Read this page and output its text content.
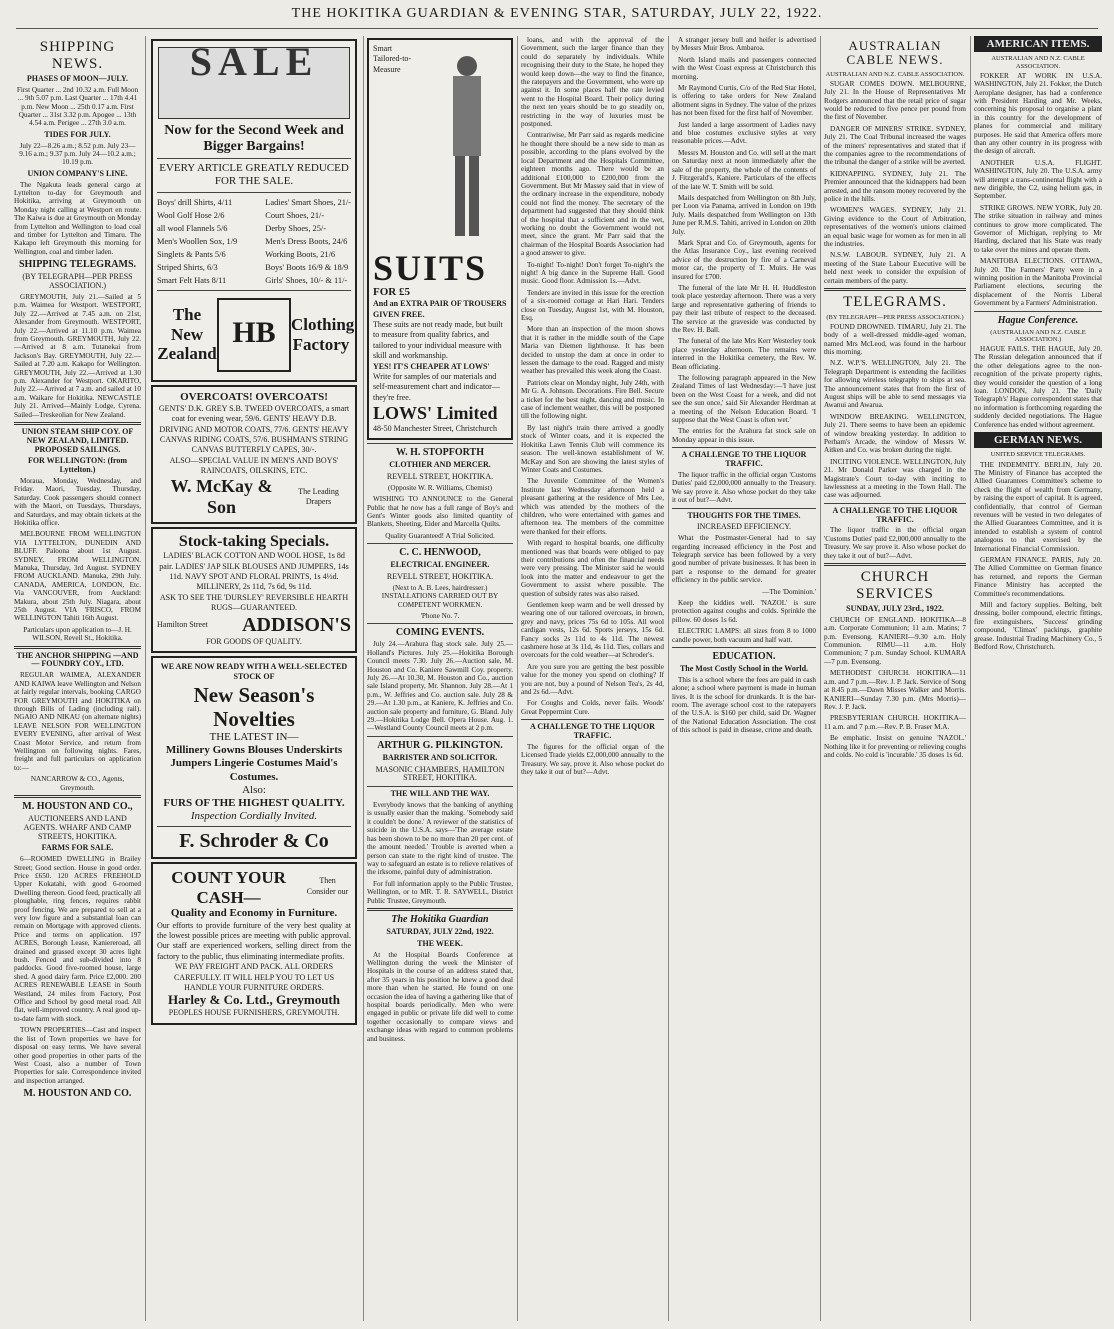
THE HOKITIKA GUARDIAN & EVENING STAR, SATURDAY, JULY 22, 1922.
SHIPPING NEWS.
PHASES OF MOON—JULY.

First Quarter ... 2nd 10.32 a.m. Full Moon ... 9th 5.07 p.m. Last Quarter ... 17th 4.41 p.m. New Moon ... 25th 0.17 a.m. First Quarter ... 31st 3.32 p.m. Apogee ... 13th 4.54 a.m. Perigee ... 27th 3.0 a.m.

TIDES FOR JULY.

July 22—8.26 a.m.; 8.52 p.m. July 23—9.16 a.m.; 9.37 p.m. July 24—10.2 a.m.; 10.19 p.m.

UNION COMPANY'S LINE.

The Ngakuta leads general cargo at Lyttelton to-day for Greymouth and Hokitika, arriving at Greymouth on Monday night calling at Westport en route. The Kaiwa is due at Greymouth on Monday from Lyttelton and Wellington to load coal and timber for Lyttelton and Timaru. The Kakapo left Greymouth this morning for Wellington, coal and timber laden.

SHIPPING TELEGRAMS.
(BY TELEGRAPH—PER PRESS ASSOCIATION.)

GREYMOUTH, July 21.—Sailed at 5 p.m. Waimea for Westport. WESTPORT, July 22.—Arrived at 7.45 a.m. on 21st, Alexander from Greymouth. WESTPORT, July 22.—Arrived at 11.10 p.m. Waimea from Greymouth. GREYMOUTH, July 22.—Arrived at 8 a.m. Tutanekai from Jackson's Bay. GREYMOUTH, July 22.—Sailed at 7.20 a.m. Kakapo for Wellington. GREYMOUTH, July 22.—Arrived at 1.30 p.m. Alexander for Westport. OKARITO, July 22.—Arrived at 7 a.m. and sailed at 10 a.m. Waikare for Hokitika. NEWCASTLE July 21. Arrived—Mainly Lodge, Cyrena. Sailed—Treskeolian for New Zealand.

UNION STEAM SHIP COY. OF NEW ZEALAND, LIMITED. PROPOSED SAILINGS.
FOR WELLINGTON: (from Lyttelton.)

Moraua, Monday, Wednesday, and Friday. Maori, Tuesday, Thursday, Saturday. Cook passengers should connect with the Maori, on Tuesdays, Thursdays, and Saturdays, and may obtain tickets at the Hokitika office.

MELBOURNE FROM WELLINGTON VIA LYTTELTON, DUNEDIN AND BLUFF. Paloona about 1st August. SYDNEY, FROM WELLINGTON. Manuka, Thursday, 3rd August. SYDNEY FROM AUCKLAND. Manuka, 29th July. CANADA, AMERICA, LONDON, Etc. Via VANCOUVER, from Auckland: Makura, about 25th July. Niagara, about 25th August. VIA 'FRISCO, FROM WELLINGTON Tahiti 16th August.

Particulars upon application to—J. H. WILSON, Revell St., Hokitika.

THE ANCHOR SHIPPING —AND— FOUNDRY COY., LTD.

REGULAR WAIMEA, ALEXANDER AND KAIWA leave Wellington and Nelson at fairly regular intervals, booking CARGO FOR GREYMOUTH and HOKITIKA on through Bills of Lading (including rail). NGAIO AND NIKAU (on alternate nights) LEAVE NELSON FOR WELLINGTON EVERY EVENING, after arrival of West Coast Motor Service, and return from Wellington on following nights. Fares, freight and full particulars on application to:—

NANCARROW & CO., Agents, Greymouth.

M. HOUSTON AND CO.,
AUCTIONEERS AND LAND AGENTS. WHARF AND CAMP STREETS, HOKITIKA.
FARMS FOR SALE.

6—ROOMED DWELLING in Brailey Street; Good section. House in good order. Price £650. 120 ACRES FREEHOLD Upper Kokatahi, with good 6-roomed Dwelling thereon. Good feed, practically all ploughable, ring fences, requires rabbit proof fencing. We are prepared to sell at a very low figure and a substantial loan can remain on Mortgage with approved clients. Price and terms on application. 197 ACRES, Borough Lease, Kaniereroad, all drained and grassed except 30 acres light bush. Fenced and sub-divided into 8 paddocks. Good five-roomed house, large shed. A good dairy farm. Price £2,000. 200 ACRES RENEWABLE LEASE in South Westland, 24 miles from Factory, Post Office and School by good metal road. All flat, well-improved country. A real good up-to-date farm with stock.

TOWN PROPERTIES—Cast and inspect the list of Town properties we have for disposal on easy terms. We have several other good properties in other parts of the West Coast, also a number of Town Properties for sale. Correspondence invited and inspection arranged.

M. HOUSTON AND CO.
SALE
Now for the Second Week and Bigger Bargains!
EVERY ARTICLE GREATLY REDUCED FOR THE SALE.
Boys' drill Shirts, 4/11
Wool Golf Hose 2/6
all wool Flannels 5/6
Men's Woollen Sox, 1/9
Singlets & Pants 5/6
Striped Shirts, 6/3
Smart Felt Hats 8/11
Ladies' Smart Shoes, 21/-
Court Shoes, 21/-
Derby Shoes, 25/-
Men's Dress Boots, 24/6
Working Boots, 21/6
Boys' Boots 16/9 & 18/9
Girls' Shoes, 10/- & 11/-
The New Zealand
HB Clothing Factory
OVERCOATS! OVERCOATS!
GENTS' D.K. GREY S.B. TWEED OVERCOATS, a smart coat for evening wear, 59/6. GENTS' HEAVY D.B. DRIVING AND MOTOR COATS, 77/6. GENTS' HEAVY CANVAS RIDING COATS, 57/6. BUSHMAN'S STRING CANVAS BUTTERFLY CAPES, 30/-.
ALSO—SPECIAL VALUE IN MEN'S AND BOYS' RAINCOATS, OILSKINS, ETC.
W. McKay & Son
The Leading Drapers
Stock-taking Specials.
LADIES' BLACK COTTON AND WOOL HOSE, 1s 8d pair. LADIES' JAP SILK BLOUSES AND JUMPERS, 14s 11d. NAVY SPOT AND FLORAL PRINTS, 1s 4½d. MILLINERY, 2s 11d, 7s 6d, 9s 11d.
ASK TO SEE THE 'DURSLEY' REVERSIBLE HEARTH RUGS—GUARANTEED.
Hamilton Street ADDISON'S
FOR GOODS OF QUALITY.
WE ARE NOW READY WITH A WELL-SELECTED STOCK OF
New Season's Novelties
THE LATEST IN—
Millinery Gowns Blouses Underskirts Jumpers Lingerie Costumes Maid's Costumes.
Also:
FURS OF THE HIGHEST QUALITY.
Inspection Cordially Invited.
F. Schroder & Co
COUNT YOUR CASH—
Then Consider our
Quality and Economy in Furniture.
Our efforts to provide furniture of the very best quality at the lowest possible prices are meeting with public approval. Our staff are experienced workers, selling direct from the factory to the public, thus eliminating intermediate profits.
WE PAY FREIGHT AND PACK. ALL ORDERS CAREFULLY. IT WILL HELP YOU TO LET US HANDLE YOUR FURNITURE ORDERS.
Harley & Co. Ltd., Greymouth
PEOPLES HOUSE FURNISHERS, GREYMOUTH.
Smart Tailored-to-Measure
SUITS
FOR £5
And an EXTRA PAIR OF TROUSERS GIVEN FREE.
These suits are not ready made, but built to measure from quality fabrics, and tailored to your individual measure with skill and workmanship.
YES! IT'S CHEAPER AT LOWS'
Write for samples of our materials and self-measurement chart and indicator—they're free.
LOWS' Limited
48-50 Manchester Street, Christchurch
W. H. STOPFORTH
CLOTHIER AND MERCER.
REVELL STREET, HOKITIKA.

(Opposite W. R. Williams, Chemist)

WISHING TO ANNOUNCE to the General Public that he now has a full range of Boy's and Gent's Winter goods also limited quantity of Blankets, Sheeting, Eider and Marcella Quilts.

Quality Guaranteed! A Trial Solicited.

C. C. HENWOOD,
ELECTRICAL ENGINEER.
REVELL STREET, HOKITIKA.

(Next to A. B. Lees, hairdresser.) INSTALLATIONS CARRIED OUT BY COMPETENT WORKMEN.

'Phone No. 7.

COMING EVENTS.

July 24.—Arahura flag stock sale. July 25.—Holland's Pictures. July 25.—Hokitika Borough Council meets 7.30. July 26.—Auction sale, M. Houston and Co. Kaniere Sawmill Coy. property. July 26.—At 10.30, M. Houston and Co., auction sale Island property, Mr. Shannon. July 28.—At 1 p.m., W. Jeffries and Co. auction sale. July 28 & 29.—At 1.30 p.m., at Kaniere, K. Jeffries and Co. auction sale property and furniture, G. Bland. July 29.—Hokitika Lodge Bell. Opera House. Aug. 1.—Westland County Council meets at 2 p.m.

ARTHUR G. PILKINGTON.
BARRISTER AND SOLICITOR.
MASONIC CHAMBERS, HAMILTON STREET, HOKITIKA.
THE WILL AND THE WAY.

Everybody knows that the banking of anything is usually easier than the making. 'Somebody said it couldn't be done.' A reviewer of the statistics of suicide in the U.S.A. says—'The average estate has been shown to be no more than 20 per cent. of the amount needed.' Trouble is averted when a person can state to the right kind of trustee. The way to safeguard an estate is to relieve relatives of the irksome, painful duty of administration.

For full information apply to the Public Trustee, Wellington, or to MR. T. R. SAYWELL, District Public Trustee, Greymouth.

The Hokitika Guardian
SATURDAY, JULY 22nd, 1922.
THE WEEK.

At the Hospital Boards Conference at Wellington during the week the Minister of Hospitals in the course of an address stated that, after 35 years in his position he knew a good deal more than when he started. He found on one occasion the idea of having a gathering like that of hospital boards periodically. Men who were engaged in public or private life did well to come together occasionally to compare views and exchange ideas with regard to common problems and business.

loans, and with the approval of the Government, such the larger finance than they could do separately by individuals. While recognising their duty to the State, he hoped they would keep down—the way to find the finance, the ratepayers and the Government, who were up against it. In some places half the rate levied went to the Hospital Board. Their policy during the next ten years should be to go steadily on, restricting in the way of luxuries must be postponed.

Contrariwise, Mr Parr said as regards medicine he thought there should be a new side to man as possible, according to the plans evolved by the local Department and the Hospitals Committee, eighteen months ago. There would be an additional £100,000 to £200,000 from the Government. But Mr Massey said that in view of the ordinary increase in the expenditure, nobody could not find the money. The secretary of the department had suggested that they should think of the hospital that a sufficient and in the wet, working no doubt the Government would not meet, since the grant. Mr Parr said that the chairman of the Hospital Boards Association had a good answer to give.

To-night! To-night! Don't forget To-night's the night! A big dance in the Supreme Hall. Good music. Good floor. Admission 1s.—Advt.

Tenders are invited in this issue for the erection of a six-roomed cottage at Hari Hari. Tenders close on Tuesday, August 1st, with M. Houston, Esq.

More than an inspection of the moon shows that it is rather in the middle south of the Cape Maria van Diemen lighthouse. It has been decided to unstop the dam at once in order to lessen the damage to the road. Ragged and misty weather has prevailed this week along the Coast.

Patriots clear on Monday night, July 24th, with Mr G. A. Johnson. Decorations. Fire Bell. Secure a ticket for the best night, dancing and music. In case of inclement weather, this will be postponed till the following night.

By last night's train there arrived a goodly stock of Winter coats, and it is expected the Hokitika Lawn Tennis Club will commence its season. The well-known establishment of W. McKay and Son are showing the latest styles of Winter Coats and Costumes.

The Juvenile Committee of the Women's Institute last Wednesday afternoon held a pleasant gathering at the residence of Mrs Lee, which was attended by the mothers of the children, who were entertained with games and afternoon tea. The members of the committee were thanked for their efforts.

With regard to hospital boards, one difficulty mentioned was that boards were obliged to pay their contributions and often the financial needs were very pressing. The Minister said he would look into the matter and endeavour to get the Government to assist where possible. The question of subsidy rates was also raised.

Gentlemen keep warm and be well dressed by wearing one of our tailored overcoats, in brown, grey and navy, prices 75s 6d to 105s. All wool cardigan vests, 12s 6d. Sports jerseys, 15s 6d. Fancy socks 2s 11d to 4s 11d. The newest cashmere hose at 3s 11d, 4s 11d. Ties, collars and overcoats for the cold weather—at Schroder's.

Are you sure you are getting the best possible value for the money you spend on clothing? If you are not, buy a pound of Nelson Tea's, 2s 4d, and 2s 6d.—Advt.

For Coughs and Colds, never fails. Woods' Great Peppermint Cure.

A CHALLENGE TO THE LIQUOR TRAFFIC.

The figures for the official organ of the Licensed Trade yields £2,000,000 annually to the Treasury. We say, prove it. Also whose pocket do they take it out of but?—Advt.

A stranger jersey bull and heifer is advertised by Messrs Muir Bros. Ambaroa.

North Island mails and passengers connected with the West Coast express at Christchurch this morning.

Mr Raymond Curtis, C/o of the Red Star Hotel, is offering to take orders for New Zealand allotment signs in Sydney. The value of the prizes has not been fixed for the first half of November.

Just landed a large assortment of Ladies navy and blue costumes exclusive styles at very reasonable prices.—Advt.

Messrs M. Houston and Co. will sell at the mart on Saturday next at noon immediately after the sale of the property, the whole of the contents of J. Fitzgerald's, Kaniere. Particulars of the effects of the late W. T. Smith will be sold.

Mails despatched from Wellington on 8th July, per Loon via Panama, arrived in London on 19th July. Mails despatched from Wellington on 13th June per R.M.S. Tahiti, arrived in London on 20th July.

Mark Sprat and Co. of Greymouth, agents for the Atlas Insurance Coy., last evening received advice of the destruction by fire of a Carneval motor car, the property of T. Muirs. He was insured for £700.

The funeral of the late Mr H. H. Huddleston took place yesterday afternoon. There was a very large and representative gathering of friends to pay their last tribute of respect to the deceased. The service at the graveside was conducted by the Rev. H. Ball.

The funeral of the late Mrs Kerr Westerley took place yesterday afternoon. The remains were interred in the Hokitika cemetery, the Rev. W. Bean officiating.

The following paragraph appeared in the New Zealand Times of last Wednesday:—'I have just been on the West Coast for a week, and did not see the sun once,' said Sir Alexander Herdman at a meeting of the Nelson Education Board. 'I suppose that the West Coast is often wet.'

The entries for the Arahura fat stock sale on Monday appear in this issue.

A CHALLENGE TO THE LIQUOR TRAFFIC.

The liquor traffic in the official organ 'Customs Duties' paid £2,000,000 annually to the Treasury. We say prove it. Also whose pocket do they take it out of but?—Advt.

THOUGHTS FOR THE TIMES.
INCREASED EFFICIENCY.

What the Postmaster-General had to say regarding increased efficiency in the Post and Telegraph service has been followed by a very good number of private businesses. It has been in part a response to the demand for greater efficiency in the public service.

—The 'Dominion.'

Keep the kiddies well. 'NAZOL' is sure protection against coughs and colds. Sprinkle the pillow. 60 doses 1s 6d.

ELECTRIC LAMPS: all sizes from 8 to 1000 candle power, both vacuum and half watt.

EDUCATION.
The Most Costly School in the World.

This is a school where the fees are paid in cash alone; a school where payment is made in human lives. It is the school for drunkards. It is the bar-room. The average school cost to the ratepayers of the U.S.A. is $160 per child, said Dr. Wagner of the National Education Association. The cost of this school is paid in disease, crime and death.

AUSTRALIAN CABLE NEWS.
AUSTRALIAN AND N.Z. CABLE ASSOCIATION.

SUGAR COMES DOWN. MELBOURNE, July 21. In the House of Representatives Mr Rodgers announced that the retail price of sugar would be reduced to five pence per pound from the first of November.

DANGER OF MINERS' STRIKE. SYDNEY, July 21. The Coal Tribunal increased the wages of the miners' representatives and stated that if the companies agree to the recommendations of the tribunal the danger of a strike will be averted.

KIDNAPPING. SYDNEY, July 21. The Premier announced that the kidnappers had been arrested, and the ransom money recovered by the police in the hills.

WOMEN'S WAGES. SYDNEY, July 21. Giving evidence to the Court of Arbitration, representatives of the women's unions claimed an equal basic wage for women as for men in all the industries.

N.S.W. LABOUR. SYDNEY, July 21. A meeting of the State Labour Executive will be held next week to consider the expulsion of certain members of the party.

TELEGRAMS.
(BY TELEGRAPH—PER PRESS ASSOCIATION.)

FOUND DROWNED. TIMARU, July 21. The body of a well-dressed middle-aged woman, named Mrs McLeod, was found in the harbour this morning.

N.Z. W.P.'S. WELLINGTON, July 21. The Telegraph Department is extending the facilities for allowing wireless telegraphy to ships at sea. The announcement states that from the first of August ships will be able to send messages via Awanui and Awarua.

WINDOW BREAKING. WELLINGTON, July 21. There seems to have been an epidemic of window breaking yesterday. In addition to Perham's Arcade, the window of Messrs W. Aitken and Co. was broken during the night.

INCITING VIOLENCE. WELLINGTON, July 21. Mr Donald Parker was charged in the Magistrate's Court to-day with inciting to lawlessness at a meeting in the Town Hall. The case was adjourned.

A CHALLENGE TO THE LIQUOR TRAFFIC.

The liquor traffic in the official organ 'Customs Duties' paid £2,000,000 annually to the Treasury. We say prove it. Also whose pocket do they take it out of but?—Advt.

CHURCH SERVICES
SUNDAY, JULY 23rd., 1922.

CHURCH OF ENGLAND. HOKITIKA—8 a.m. Corporate Communion; 11 a.m. Matins; 7 p.m. Evensong. KANIERI—9.30 a.m. Holy Communion. RIMU—11 a.m. Holy Communion; 7 p.m. Sunday School. KUMARA—7 p.m. Evensong.

METHODIST CHURCH. HOKITIKA—11 a.m. and 7 p.m.—Rev. J. P. Jack. Service of Song at 8.45 p.m.—Dawn Misses Walker and Morris. KANIERI—Sunday 7.30 p.m. (Mrs Morris)—Rev. J. P. Jack.

PRESBYTERIAN CHURCH. HOKITIKA—11 a.m. and 7 p.m.—Rev. P. B. Fraser M.A.

Be emphatic. Insist on genuine 'NAZOL.' Nothing like it for preventing or relieving coughs and colds. No cold is 'incurable.' 35 doses 1s 6d.

AMERICAN ITEMS.
AUSTRALIAN AND N.Z. CABLE ASSOCIATION.

FOKKER AT WORK IN U.S.A. WASHINGTON, July 21. Fokker, the Dutch Aeroplane designer, has had a conference with President Harding and Mr. Weeks, concerning his proposal to organise a plant in this country for the development of planes for commercial and military purposes. He said that America offers more than any other country in its progress with the design of aircraft.

ANOTHER U.S.A. FLIGHT. WASHINGTON, July 20. The U.S.A. army will attempt a trans-continental flight with a new dirigible, the C2, using helium gas, in September.

STRIKE GROWS. NEW YORK, July 20. The strike situation in railway and mines continues to grow more complicated. The Governor of Michigan, replying to Mr Harding, declared that his State was ready to take over the mines and operate them.

MANITOBA ELECTIONS. OTTAWA, July 20. The Farmers' Party were in a winning position in the Manitoba Provincial Parliament elections, securing the displacement of the Norris Liberal Government by a Farmers' Administration.

Hague Conference.
(AUSTRALIAN AND N.Z. CABLE ASSOCIATION.)

HAGUE FAILS. THE HAGUE, July 20. The Russian delegation announced that if the other delegations agree to the non-recognition of the private property rights, they would consider the question of a long loan. LONDON, July 21. The 'Daily Telegraph's' Hague correspondent states that no information is forthcoming regarding the suddenly decided negotiations. The Hague Conference has ended without agreement.

GERMAN NEWS.
UNITED SERVICE TELEGRAMS.

THE INDEMNITY. BERLIN, July 20. The Ministry of Finance has accepted the Allied Guarantees Committee's scheme to check the flight of wealth from Germany, by raising the export of capital. It is agreed, confidentially, that control of German revenues will be vested in two delegates of the Allied Guarantees Committee, and it is intended to establish a system of control analogous to that exercised by the International Financial Commission.

GERMAN FINANCE. PARIS, July 20. The Allied Committee on German finance has returned, and reports the German Finance Ministry has accepted the Committee's recommendations.

Mill and factory supplies. Belting, belt dressing, boiler compound, electric fittings, fire extinguishers, 'Success' grinding compound, 'Climax' packings, graphite grease. Industrial Trading Machinery Co., 5 Bedford Row, Christchurch.
